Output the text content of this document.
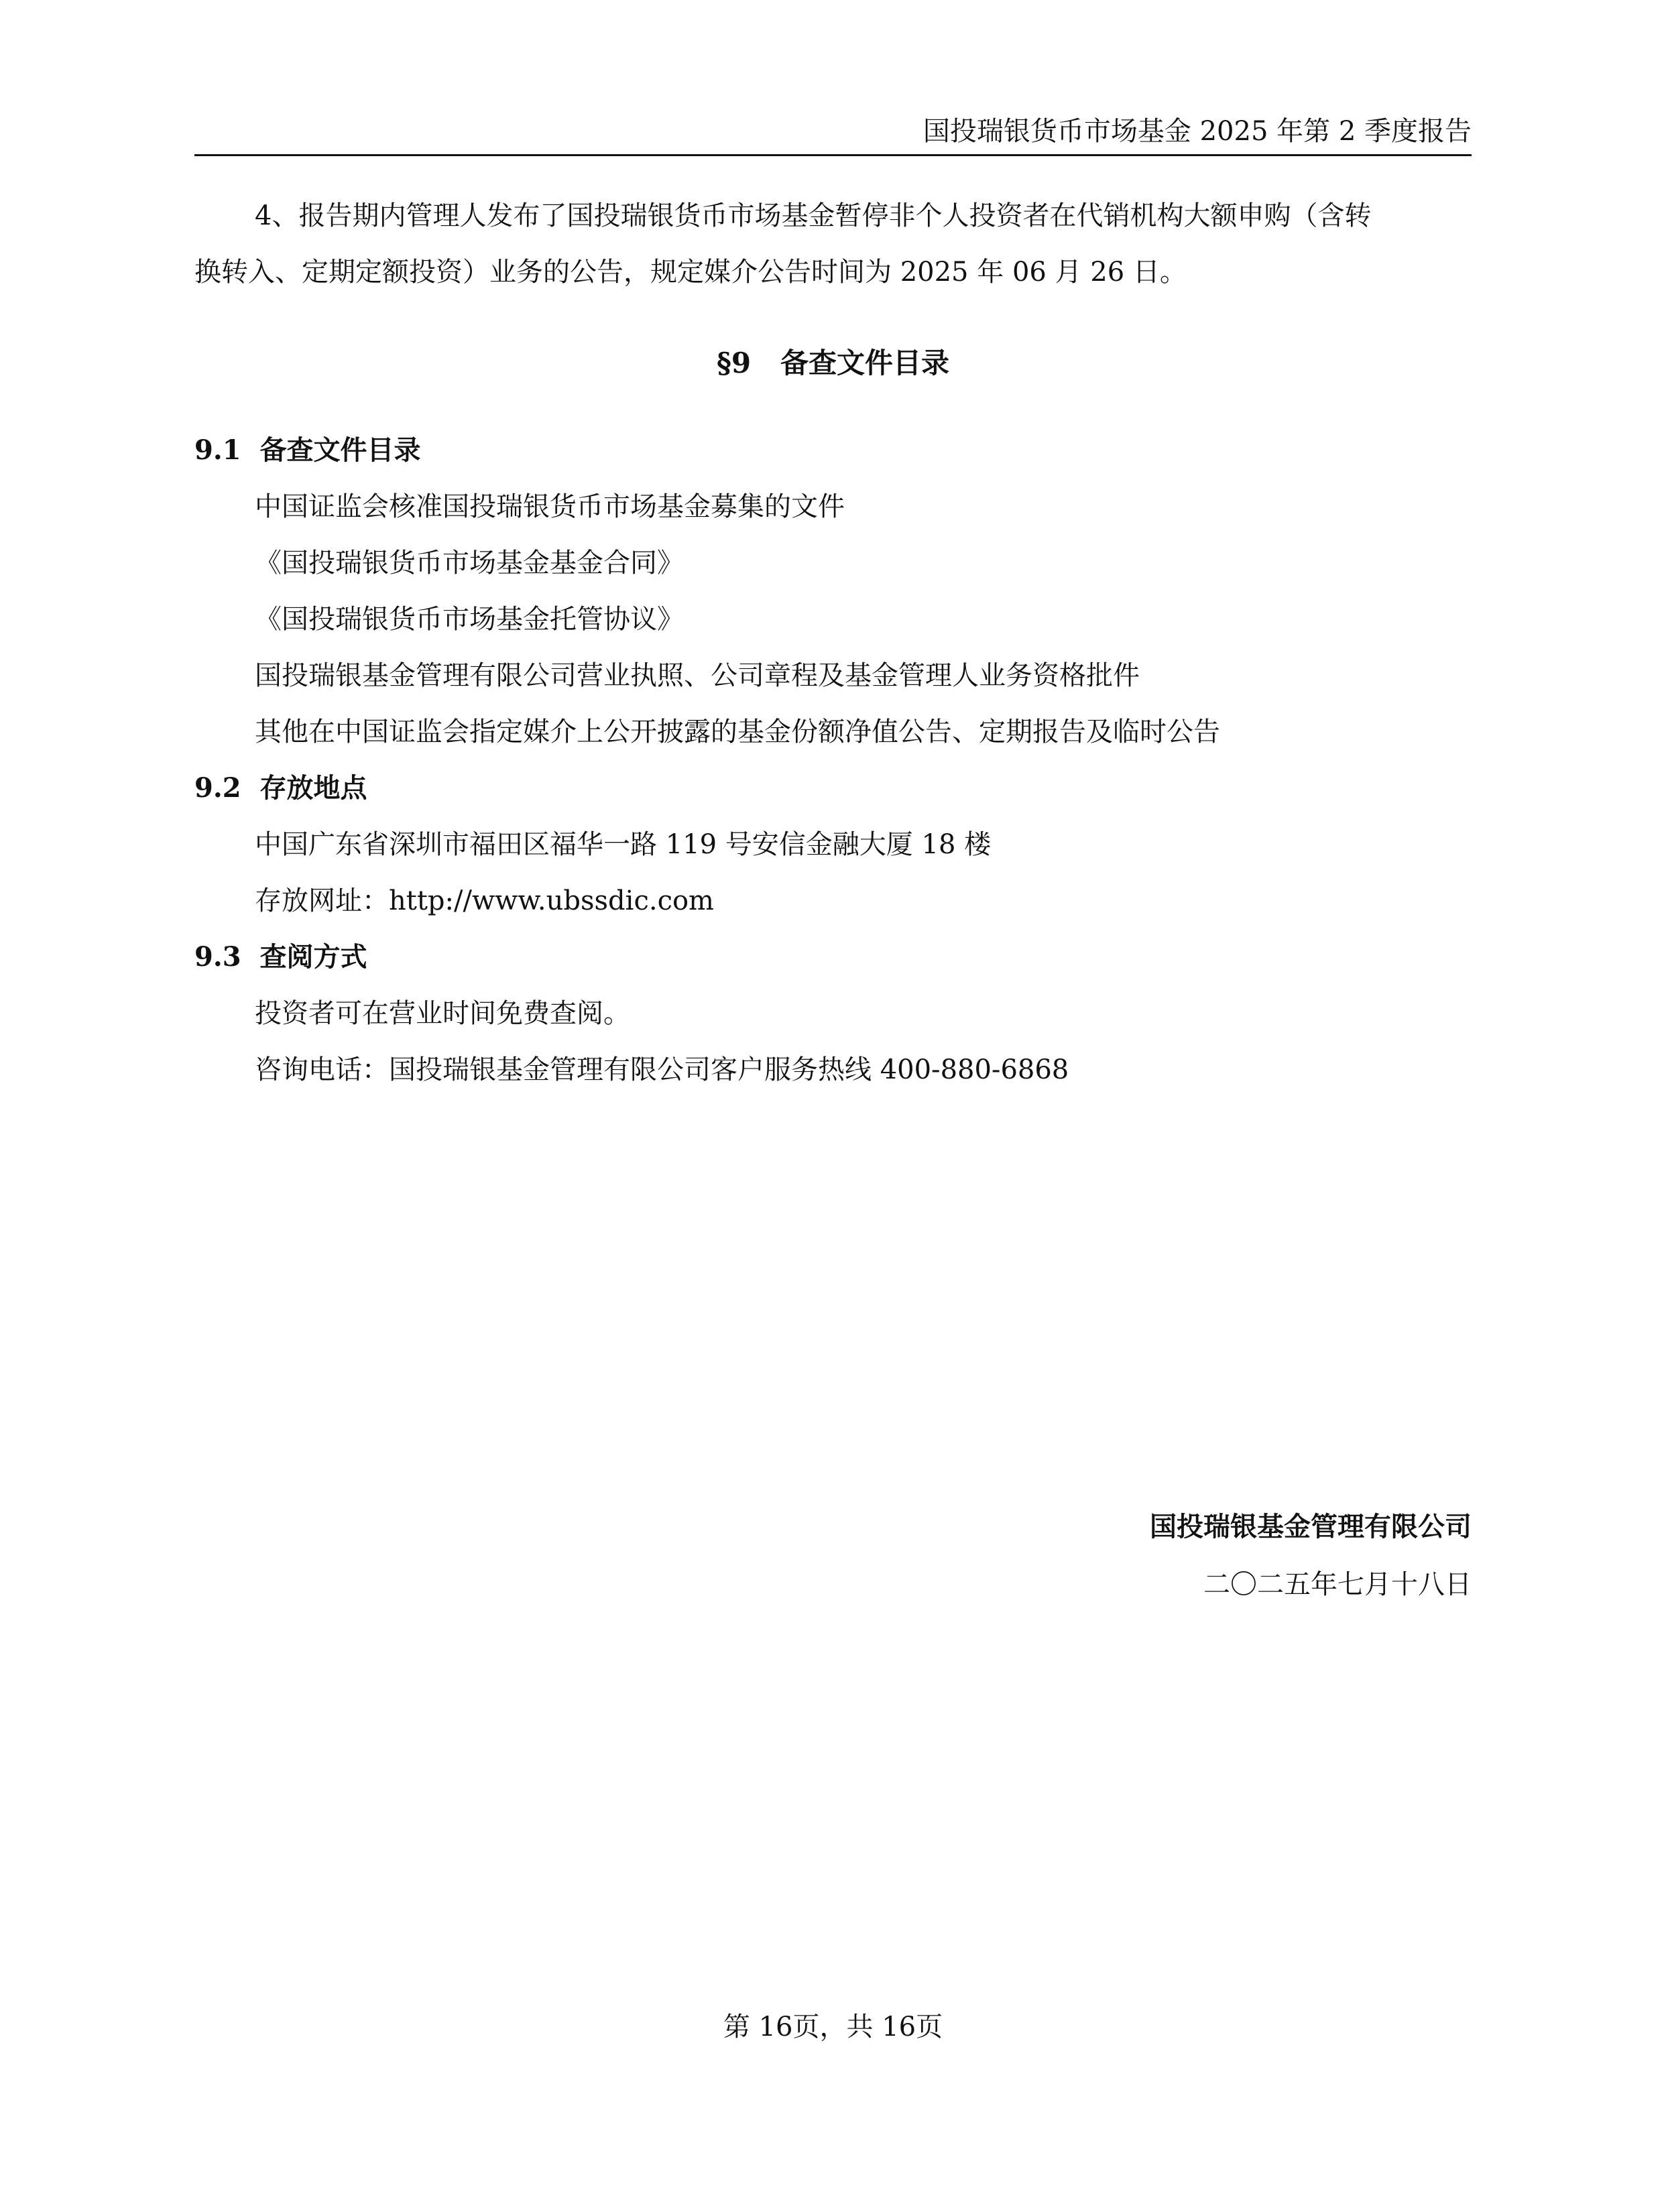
国投瑞银货币市场基金 2025 年第 2 季度报告

4、报告期内管理人发布了国投瑞银货币市场基金暂停非个人投资者在代销机构大额申购（含转

换转入、定期定额投资）业务的公告，规定媒介公告时间为 2025 年 06 月 26 日。

§9   备查文件目录
9.1  备查文件目录
中国证监会核准国投瑞银货币市场基金募集的文件
《国投瑞银货币市场基金基金合同》
《国投瑞银货币市场基金托管协议》
国投瑞银基金管理有限公司营业执照、公司章程及基金管理人业务资格批件
其他在中国证监会指定媒介上公开披露的基金份额净值公告、定期报告及临时公告
9.2  存放地点
中国广东省深圳市福田区福华一路 119 号安信金融大厦 18 楼
存放网址：http://www.ubssdic.com
9.3  查阅方式
投资者可在营业时间免费查阅。
咨询电话：国投瑞银基金管理有限公司客户服务热线 400-880-6868
国投瑞银基金管理有限公司
二〇二五年七月十八日
第 16页，共 16页
